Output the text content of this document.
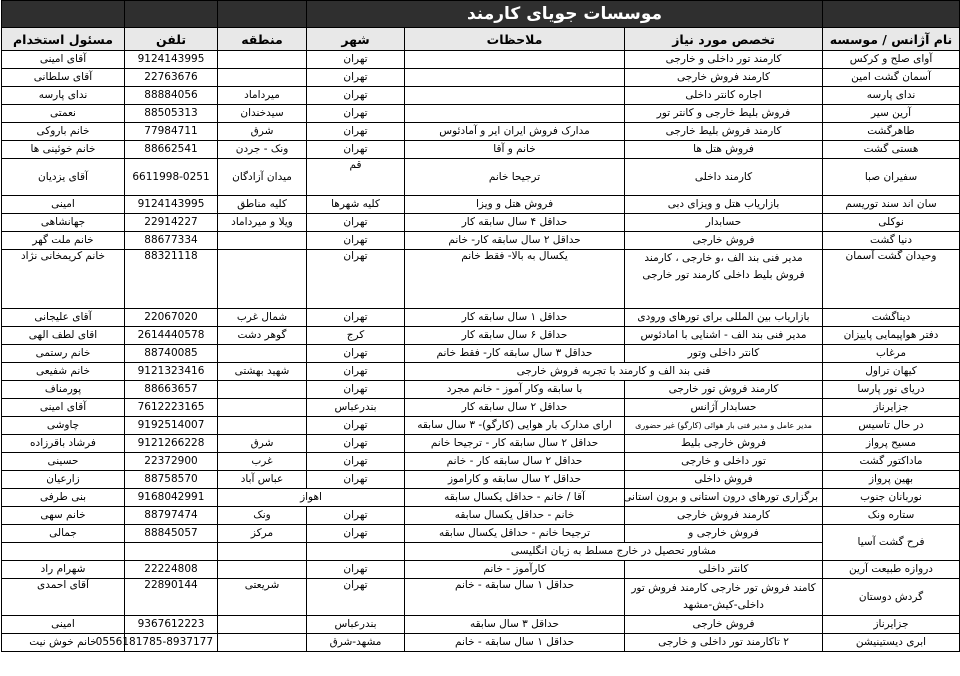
	موسسات جویای کارمند					
نام آژانس / موسسه	تخصص مورد نیاز	ملاحظات	شهر	منطقه	تلفن	مسئول استخدام
آوای صلح و کرکس	کارمند تور داخلی و خارجی		تهران		9124143995	آقای امینی
آسمان گشت امین	کارمند فروش خارجی		تهران		22763676	آقای سلطانی
ندای پارسه	اجاره کانتر داخلی		تهران	میرداماد	88884056	ندای پارسه
آرین سیر	فروش بلیط خارجی و کانتر تور		تهران	سیدخندان	88505313	نعمتی
طاهرگشت	کارمند فروش بلیط خارجی	مدارک فروش ایران ایر و آمادئوس	تهران	شرق	77984711	خانم باروکی
هستی گشت	فروش هتل ها	خانم و آقا	تهران	ونک - جردن	88662541	خانم خوئینی ها
سفیران صبا	کارمند داخلی	ترجیحا خانم	قم	میدان آزادگان	6611998-0251	آقای یزدیان
سان اند سند توریسم	بازاریاب هتل و ویزای دبی	فروش هتل و ویزا	کلیه شهرها	کلیه مناطق	9124143995	امینی
نوکلی	حسابدار	حداقل ۴ سال سابقه کار	تهران	ویلا و میرداماد	22914227	جهانشاهی
دنیا گشت	فروش خارجی	حداقل ۲ سال سابقه کار- خانم	تهران		88677334	خانم ملت گهر
وحیدان گشت آسمان	مدیر فنی بند الف ،و خارجی ، کارمند فروش بلیط داخلی کارمند تور خارجی	یکسال به بالا- فقط خانم	تهران		88321118	خانم کریمخانی نژاد
دیناگشت	بازاریاب بین المللی برای تورهای ورودی	حداقل ۱ سال سابقه کار	تهران	شمال غرب	22067020	آقای علیجانی
دفتر هواپیمایی پاییزان	مدیر فنی بند الف - اشنایی با امادئوس	حداقل ۶ سال سابقه کار	کرج	گوهر دشت	2614440578	اقای لطف الهی
مرغاب	کانتر داخلی وتور	حداقل ۳ سال سابقه کار- فقط خانم	تهران		88740085	خانم رستمی
کیهان تراول	فنی بند الف و کارمند با تجربه فروش خارجی		تهران	شهید بهشتی	9121323416	خانم شفیعی
دریای نور پارسا	کارمند فروش تور خارجی	با سابقه وکار آموز - خانم مجرد	تهران		88663657	پورمناف
جزایرناز	حسابدار آژانس	حداقل ۲ سال سابقه کار	بندرعباس		7612223165	آقای امینی
در حال تاسیس	مدیر عامل و مدیر فنی بار هوائی (کارگو) غیر حضوری	ارای مدارک بار هوایی (کارگو)- ۳ سال سابقه	تهران		9192514007	چاوشی
مسیح پرواز	فروش خارجی بلیط	حداقل ۲ سال سابقه کار - ترجیحا خانم	تهران	شرق	9121266228	فرشاد باقرزاده
ماداکتور گشت	تور داخلی و خارجی	حداقل ۲ سال سابقه کار - خانم	تهران	غرب	22372900	حسینی
بهین پرواز	فروش داخلی	حداقل ۲ سال سابقه و کاراموز	تهران	عباس آباد	88758570	زارعیان
نوربانان جنوب	برگزاری تورهای درون استانی و برون استانی	آقا / خانم - حداقل یکسال سابقه	اهواز		9168042991	بنی طرفی
ستاره ونک	کارمند فروش خارجی	خانم - حداقل یکسال سابقه	تهران	ونک	88797474	خانم سهی
فرح گشت آسیا	فروش خارجی و	ترجیحا خانم - حداقل یکسال سابقه	تهران	مرکز	88845057	جمالی
	مشاور تحصیل در خارج مسلط به زبان انگلیسی					
دروازه طبیعت آرین	کانتر داخلی	کارآموز - خانم	تهران		22224808	شهرام راد
گردش دوستان	کامند فروش تور خارجی کارمند فروش تور داخلی-کیش-مشهد	حداقل ۱ سال سابقه - خانم	تهران	شریعتی	22890144	آقای احمدی
جزایرناز	فروش خارجی	حداقل ۳ سال سابقه	بندرعباس		9367612223	امینی
ابری دیستینیشن	۲ تاکارمند تور داخلی و خارجی	حداقل ۱ سال سابقه - خانم	مشهد-شرق		0556181785-8937177	خانم خوش نیت
